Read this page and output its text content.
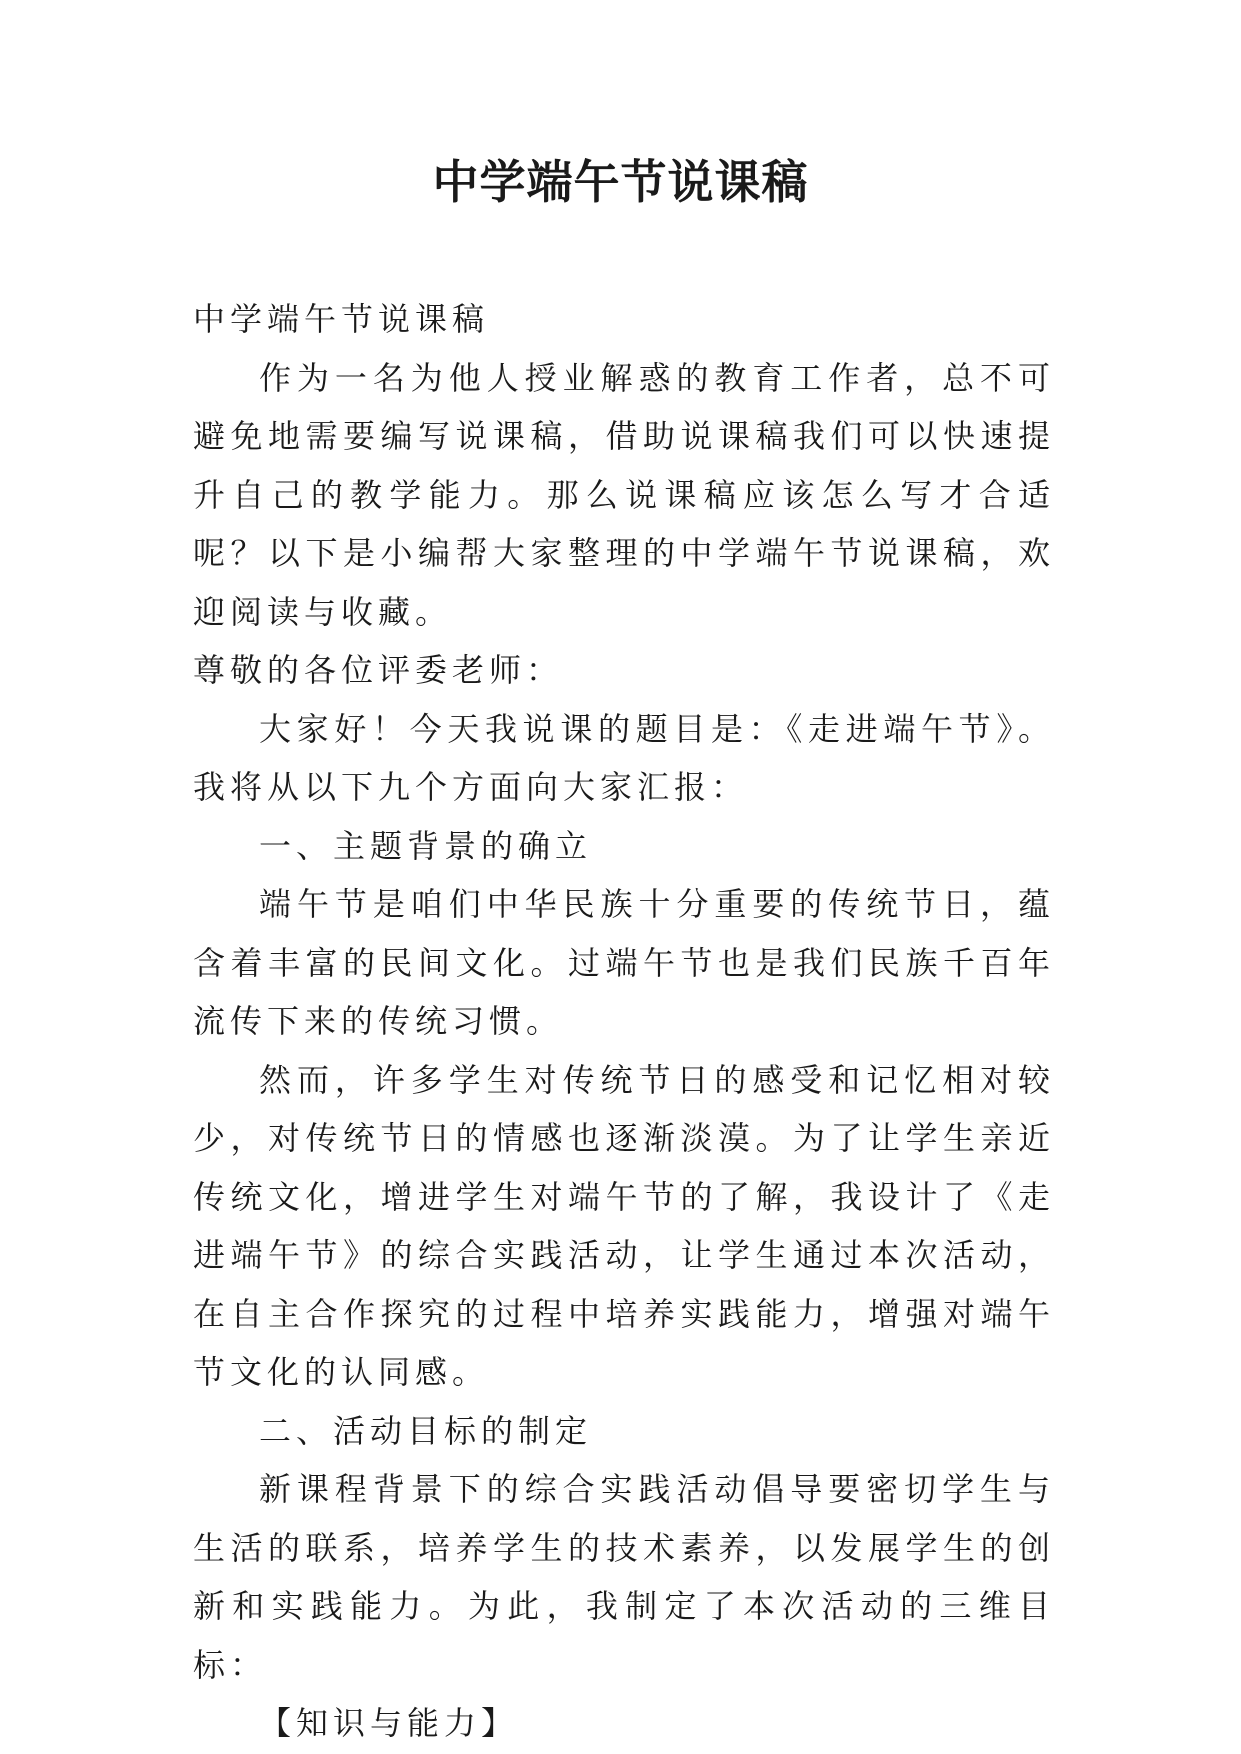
中学端午节说课稿

中学端午节说课稿

作为一名为他人授业解惑的教育工作者，总不可避免地需要编写说课稿，借助说课稿我们可以快速提升自己的教学能力。那么说课稿应该怎么写才合适呢？以下是小编帮大家整理的中学端午节说课稿，欢迎阅读与收藏。

尊敬的各位评委老师：

大家好！今天我说课的题目是：《走进端午节》。我将从以下九个方面向大家汇报：

一、主题背景的确立

端午节是咱们中华民族十分重要的传统节日，蕴含着丰富的民间文化。过端午节也是我们民族千百年流传下来的传统习惯。

然而，许多学生对传统节日的感受和记忆相对较少，对传统节日的情感也逐渐淡漠。为了让学生亲近传统文化，增进学生对端午节的了解，我设计了《走进端午节》的综合实践活动，让学生通过本次活动，在自主合作探究的过程中培养实践能力，增强对端午节文化的认同感。

二、活动目标的制定

新课程背景下的综合实践活动倡导要密切学生与生活的联系，培养学生的技术素养，以发展学生的创新和实践能力。为此，我制定了本次活动的三维目标：

【知识与能力】
